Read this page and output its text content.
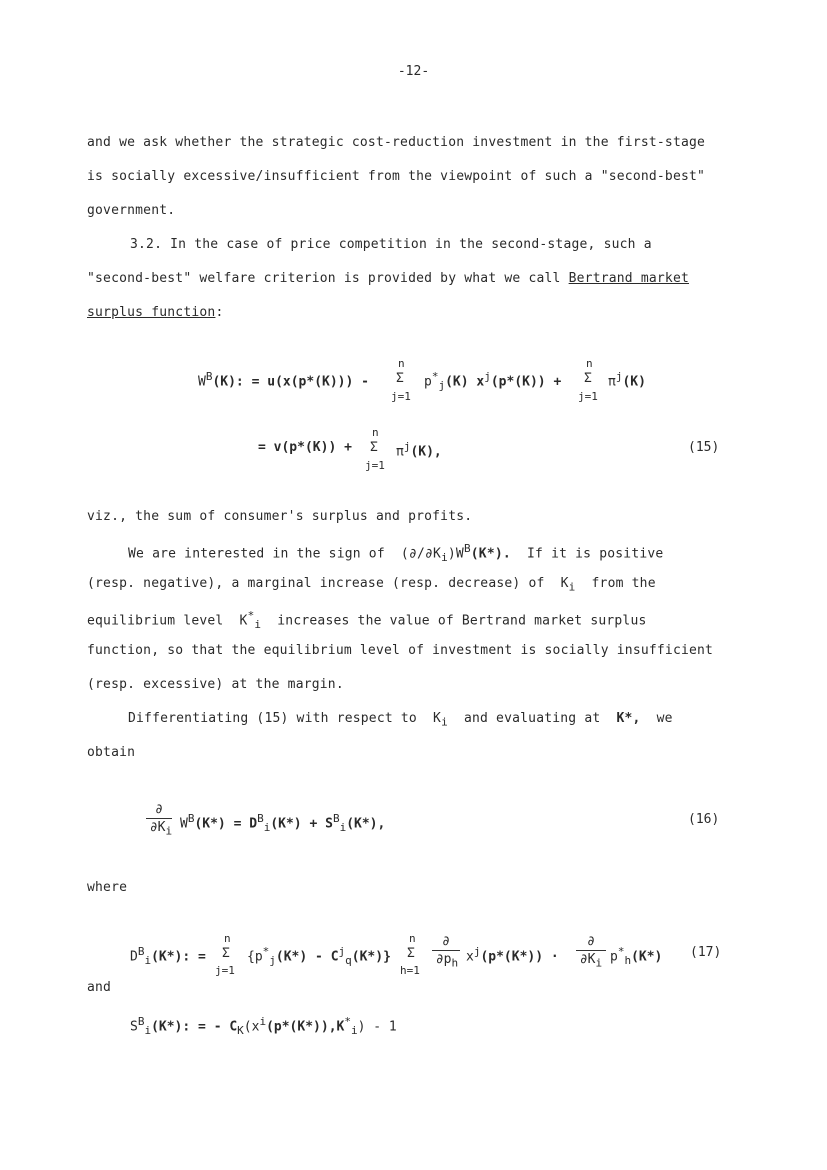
-12-
and we ask whether the strategic cost-reduction investment in the first-stage
is socially excessive/insufficient from the viewpoint of such a "second-best"
government.
3.2. In the case of price competition in the second-stage, such a
"second-best" welfare criterion is provided by what we call Bertrand market
surplus function:
$W^B(K)$: = u(x(p*(K))) -
n
Σ
j=1
$p^*_j(K) x^j(p*(K))$ +
n
Σ
j=1
$\pi^j(K)$
= v(p*(K)) +
n
Σ
j=1
$\pi^j(K)$,	(15)
viz., the sum of consumer's surplus and profits.
We are interested in the sign of $(\partial/\partial K_i)W^B(K*)$. If it is positive
(resp. negative), a marginal increase (resp. decrease) of $K_i$ from the
equilibrium level $K^*_i$ increases the value of Bertrand market surplus
function, so that the equilibrium level of investment is socially insufficient
(resp. excessive) at the margin.
Differentiating (15) with respect to $K_i$ and evaluating at K*, we
obtain
∂
$\partial K_i$ $W^B(K*) = D^B_i(K*) + S^B_i(K*)$,	(16)
where
$D^B_i(K*)$: =
n
Σ
j=1
$\{p^*_j(K*) - C^j_q(K*)\}$
n
Σ
h=1
∂
$\partial p_h$ $x^j(p*(K*))$ ·
∂
$\partial K_i$ $p^*_h(K*)$ (17)
and
$S^B_i(K*)$: = - $C_K(x^i(p*(K*)),K^*_i) - 1$
